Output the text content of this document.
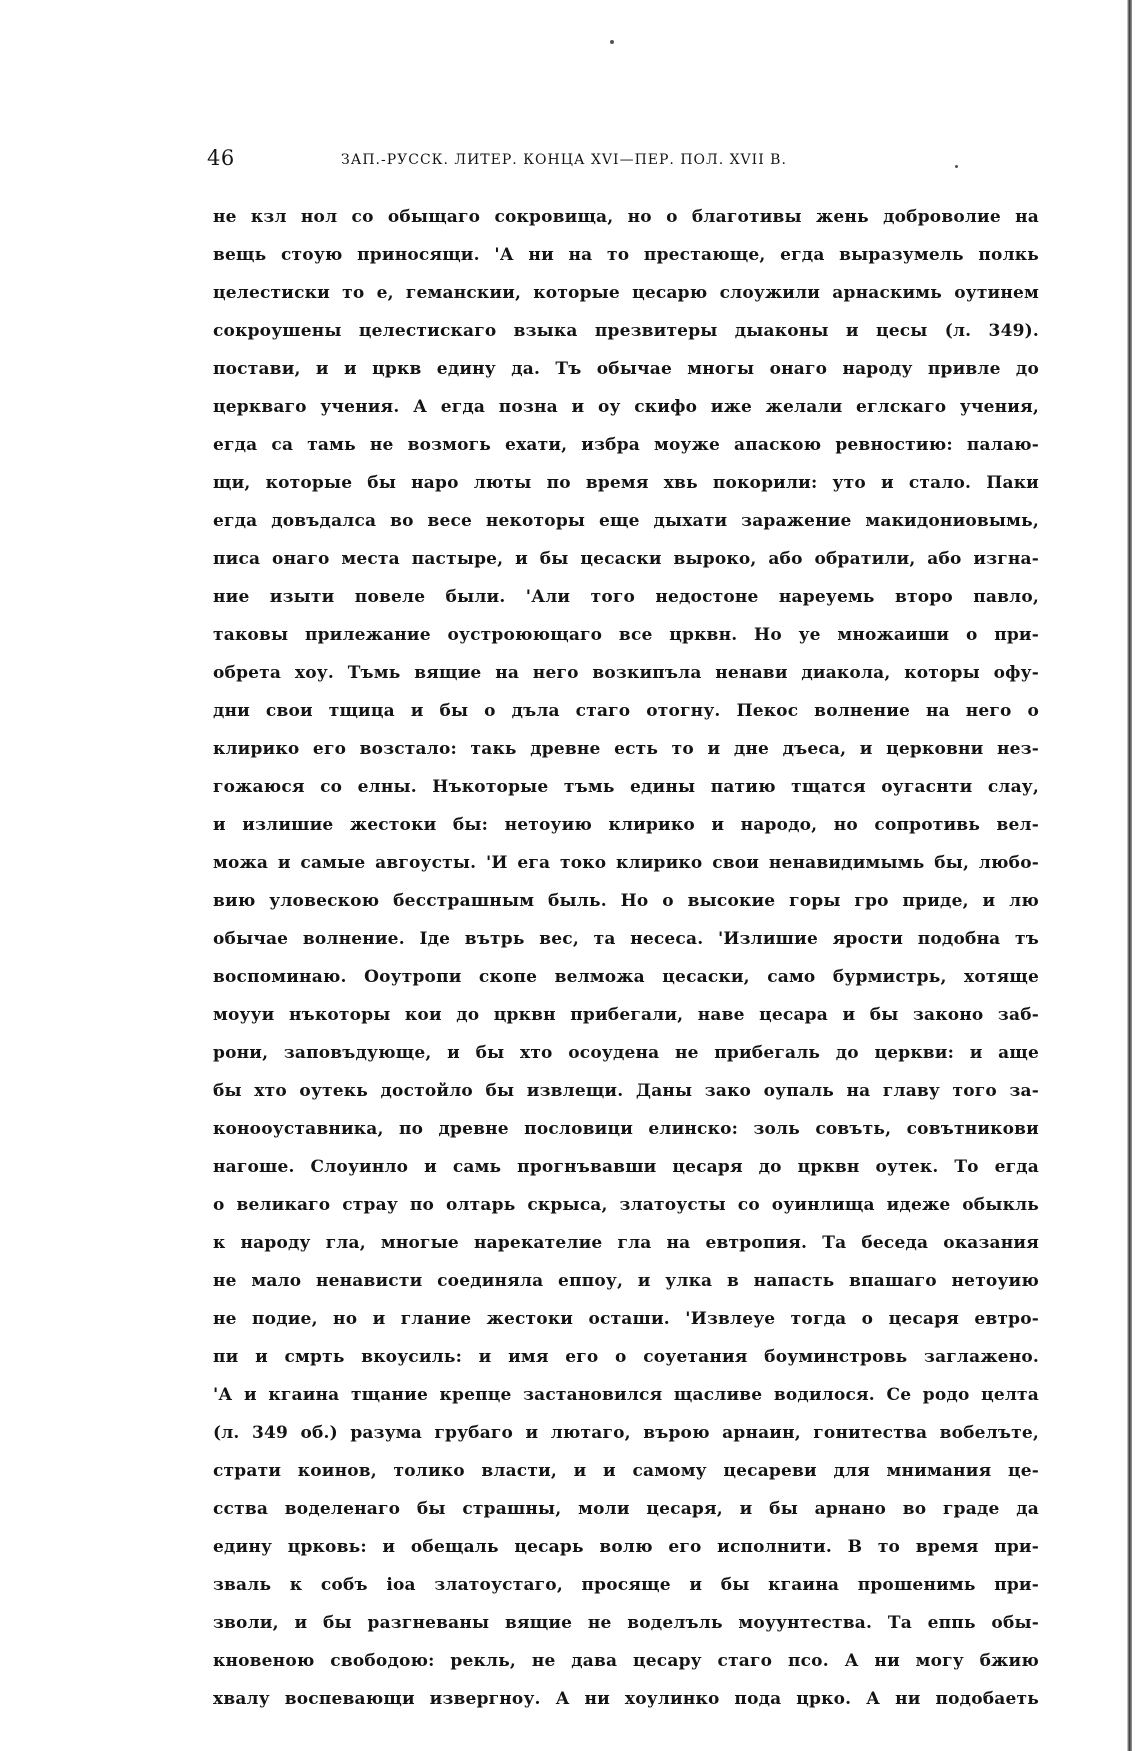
46	ЗАП.-РУССК. ЛИТЕР. КОНЦА XVI—ПЕР. ПОЛ. XVII В.
не кзл нол со обыщаго сокровища, но о благотивы жень доброволие на
вещь стоую приносящи. 'А ни на то престающе, егда выразумель полкь
целестиски то е, геманскии, которые цесарю слоужили арнаскимь оутинем
сокроушены целестискаго взыка презвитеры дыаконы и цесы (л. 349).
постави, и и цркв едину да. Тъ обычае многы онаго народу привле до
церкваго учения. А егда позна и оу скифо иже желали еглскаго учения,
егда са тамь не возмогь ехати, избра моуже апаскою ревностию: палаю-
щи, которые бы наро люты по время хвь покорили: уто и стало. Паки
егда довъдалса во весе некоторы еще дыхати заражение макидониовымь,
писа онаго места пастыре, и бы цесаски выроко, або обратили, або изгна-
ние изыти повеле были. 'Али того недостоне нареуемь второ павло,
таковы прилежание оустроюющаго все црквн. Но уе множаиши о при-
обрета хоу. Тъмь вящие на него возкипъла ненави диакола, которы офу-
дни свои тщица и бы о дъла стаго отогну. Пекос волнение на него о
клирико его возстало: такь древне есть то и дне дъеса, и церковни нез-
гожаюся со елны. Нъкоторые тъмь едины патию тщатся оугаснти слау,
и излишие жестоки бы: нетоуию клирико и народо, но сопротивь вел-
можа и самые авгоусты. 'И ега токо клирико свои ненавидимымь бы, любо-
вию уловескою бесстрашным быль. Но о высокие горы гро приде, и лю
обычае волнение. Іде вътрь вес, та несеса. 'Излишие ярости подобна тъ
воспоминаю. Ооутропи скопе велможа цесаски, само бурмистрь, хотяще
моууи нъкоторы кои до црквн прибегали, наве цесара и бы законо заб-
рони, заповъдующе, и бы хто осоудена не прибегаль до церкви: и аще
бы хто оутекь достойло бы извлещи. Даны зако оупаль на главу того за-
конооуставника, по древне пословици елинско: золь совъть, совътникови
нагоше. Слоуинло и самь прогнъвавши цесаря до црквн оутек. То егда
о великаго страу по олтарь скрыса, златоусты со оуинлища идеже обыкль
к народу гла, многые нарекателие гла на евтропия. Та беседа оказания
не мало ненависти соединяла еппоу, и улка в напасть впашаго нетоуию
не подие, но и глание жестоки осташи. 'Извлеуе тогда о цесаря евтро-
пи и смрть вкоусиль: и имя его о соуетания боуминстровь заглажено.
'А и кгаина тщание крепце застановился щасливе водилося. Се родо целта
(л. 349 об.) разума грубаго и лютаго, върою арнаин, гонитества вобелъте,
страти коинов, толико власти, и и самому цесареви для мнимания це-
сства воделенаго бы страшны, моли цесаря, и бы арнано во граде да
едину црковь: и обещаль цесарь волю его исполнити. В то время при-
зваль к собъ іоа златоустаго, просяще и бы кгаина прошенимь при-
зволи, и бы разгневаны вящие не воделъль моуунтества. Та еппь обы-
кновеною свободою: рекль, не дава цесару стаго псо. А ни могу бжию
хвалу воспевающи извергноу. А ни хоулинко пода црко. А ни подобаеть
